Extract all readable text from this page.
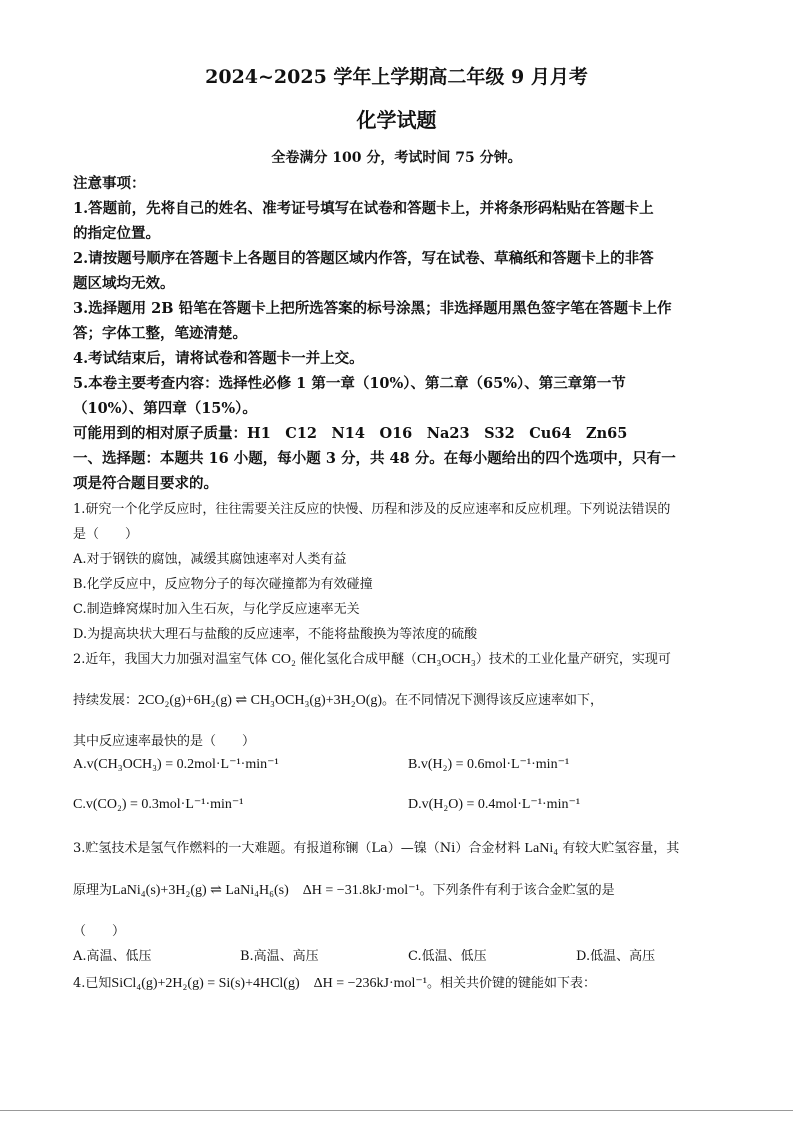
2024~2025 学年上学期高二年级 9 月月考
化学试题
全卷满分 100 分，考试时间 75 分钟。
注意事项：
1.答题前，先将自己的姓名、准考证号填写在试卷和答题卡上，并将条形码粘贴在答题卡上
的指定位置。
2.请按题号顺序在答题卡上各题目的答题区域内作答，写在试卷、草稿纸和答题卡上的非答
题区域均无效。
3.选择题用 2B 铅笔在答题卡上把所选答案的标号涂黑；非选择题用黑色签字笔在答题卡上作
答；字体工整，笔迹清楚。
4.考试结束后，请将试卷和答题卡一并上交。
5.本卷主要考查内容：选择性必修 1 第一章（10%）、第二章（65%）、第三章第一节
（10%）、第四章（15%）。
可能用到的相对原子质量：H1　C12　N14　O16　Na23　S32　Cu64　Zn65
一、选择题：本题共 16 小题，每小题 3 分，共 48 分。在每小题给出的四个选项中，只有一
项是符合题目要求的。
1.研究一个化学反应时，往往需要关注反应的快慢、历程和涉及的反应速率和反应机理。下列说法错误的
是（　　）
A.对于钢铁的腐蚀，减缓其腐蚀速率对人类有益
B.化学反应中，反应物分子的每次碰撞都为有效碰撞
C.制造蜂窝煤时加入生石灰，与化学反应速率无关
D.为提高块状大理石与盐酸的反应速率，不能将盐酸换为等浓度的硫酸
2.近年，我国大力加强对温室气体 CO₂ 催化氢化合成甲醚（CH₃OCH₃）技术的工业化量产研究，实现可
持续发展：2CO₂(g)+6H₂(g) ⇌ CH₃OCH₃(g)+3H₂O(g)。在不同情况下测得该反应速率如下，
其中反应速率最快的是（　　）
A.v(CH₃OCH₃) = 0.2mol·L⁻¹·min⁻¹	B.v(H₂) = 0.6mol·L⁻¹·min⁻¹
C.v(CO₂) = 0.3mol·L⁻¹·min⁻¹	D.v(H₂O) = 0.4mol·L⁻¹·min⁻¹
3.贮氢技术是氢气作燃料的一大难题。有报道称镧（La）—镍（Ni）合金材料 LaNi₄ 有较大贮氢容量，其
原理为LaNi₄(s)+3H₂(g) ⇌ LaNi₄H₆(s)　ΔH = −31.8kJ·mol⁻¹。下列条件有利于该合金贮氢的是
（　　）
A.高温、低压	B.高温、高压	C.低温、低压	D.低温、高压
4.已知SiCl₄(g)+2H₂(g) = Si(s)+4HCl(g)　ΔH = −236kJ·mol⁻¹。相关共价键的键能如下表：
